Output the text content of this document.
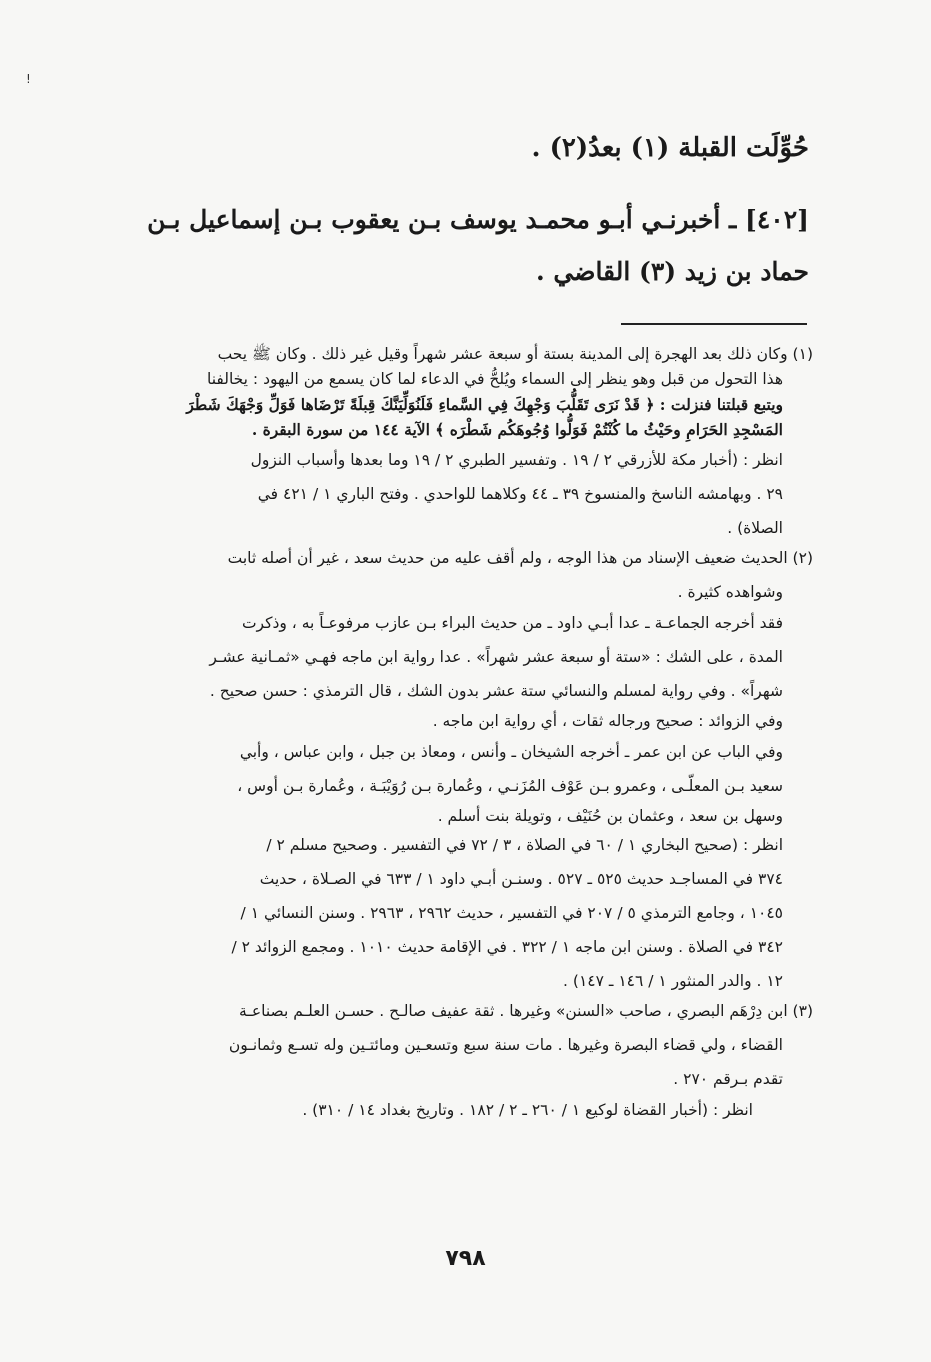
!
حُوِّلَت القبلة (١) بعدُ(٢) .
[٤٠٢] ـ أخبرنـي أبـو محمـد يوسف بـن يعقوب بـن إسماعيل بـن
حماد بن زيد (٣) القاضي .
(١) وكان ذلك بعد الهجرة إلى المدينة بستة أو سبعة عشر شهراً وقيل غير ذلك . وكان ﷺ يحب
هذا التحول من قبل وهو ينظر إلى السماء ويُلحُّ في الدعاء لما كان يسمع من اليهود : يخالفنا
ويتبع قبلتنا فنزلت : ﴿ قَدْ نَرَى تَقَلُّبَ وَجْهِكَ فِي السَّماءِ فَلَنُوَلِّيَنَّكَ قِبلَةً تَرْضَاها فَوَلِّ وَجْهَكَ شَطْرَ
المَسْجِدِ الحَرَامِ وحَيْثُ ما كُنْتُمْ فَوَلُّوا وُجُوهَكُم شَطْرَه ﴾ الآية ١٤٤ من سورة البقرة .
انظر : (أخبار مكة للأزرقي ٢ / ١٩ . وتفسير الطبري ٢ / ١٩ وما بعدها وأسباب النزول
٢٩ . وبهامشه الناسخ والمنسوخ ٣٩ ـ ٤٤ وكلاهما للواحدي . وفتح الباري ١ / ٤٢١ في
الصلاة) .
(٢) الحديث ضعيف الإسناد من هذا الوجه ، ولم أقف عليه من حديث سعد ، غير أن أصله ثابت
وشواهده كثيرة .
فقد أخرجه الجماعـة ـ عدا أبـي داود ـ من حديث البراء بـن عازب مرفوعـاً به ، وذكرت
المدة ، على الشك : «ستة أو سبعة عشر شهراً» . عدا رواية ابن ماجه فهـي «ثمـانية عشـر
شهراً» . وفي رواية لمسلم والنسائي ستة عشر بدون الشك ، قال الترمذي : حسن صحيح .
وفي الزوائد : صحيح ورجاله ثقات ، أي رواية ابن ماجه .
وفي الباب عن ابن عمر ـ أخرجه الشيخان ـ وأنس ، ومعاذ بن جبل ، وابن عباس ، وأبي
سعيد بـن المعلّـى ، وعمرو بـن عَوْف المُزَنـي ، وعُمارة بـن رُوَيْبَـة ، وعُمارة بـن أوس ،
وسهل بن سعد ، وعثمان بن حُنَيْف ، وتويلة بنت أسلم .
انظر : (صحيح البخاري ١ / ٦٠ في الصلاة ، ٣ / ٧٢ في التفسير . وصحيح مسلم ٢ /
٣٧٤ في المساجـد حديث ٥٢٥ ـ ٥٢٧ . وسنـن أبـي داود ١ / ٦٣٣ في الصـلاة ، حديث
١٠٤٥ ، وجامع الترمذي ٥ / ٢٠٧ في التفسير ، حديث ٢٩٦٢ ، ٢٩٦٣ . وسنن النسائي ١ /
٣٤٢ في الصلاة . وسنن ابن ماجه ١ / ٣٢٢ . في الإقامة حديث ١٠١٠ . ومجمع الزوائد ٢ /
١٢ . والدر المنثور ١ / ١٤٦ ـ ١٤٧) .
(٣) ابن دِرْهَم البصري ، صاحب «السنن» وغيرها . ثقة عفيف صالـح . حسـن العلـم بصناعـة
القضاء ، ولي قضاء البصرة وغيرها . مات سنة سبع وتسعـين ومائتـين وله تسـع وثمانـون
تقدم بـرقم ٢٧٠ .
انظر : (أخبار القضاة لوكيع ١ / ٢٦٠ ـ ٢ / ١٨٢ . وتاريخ بغداد ١٤ / ٣١٠) .
٧٩٨
